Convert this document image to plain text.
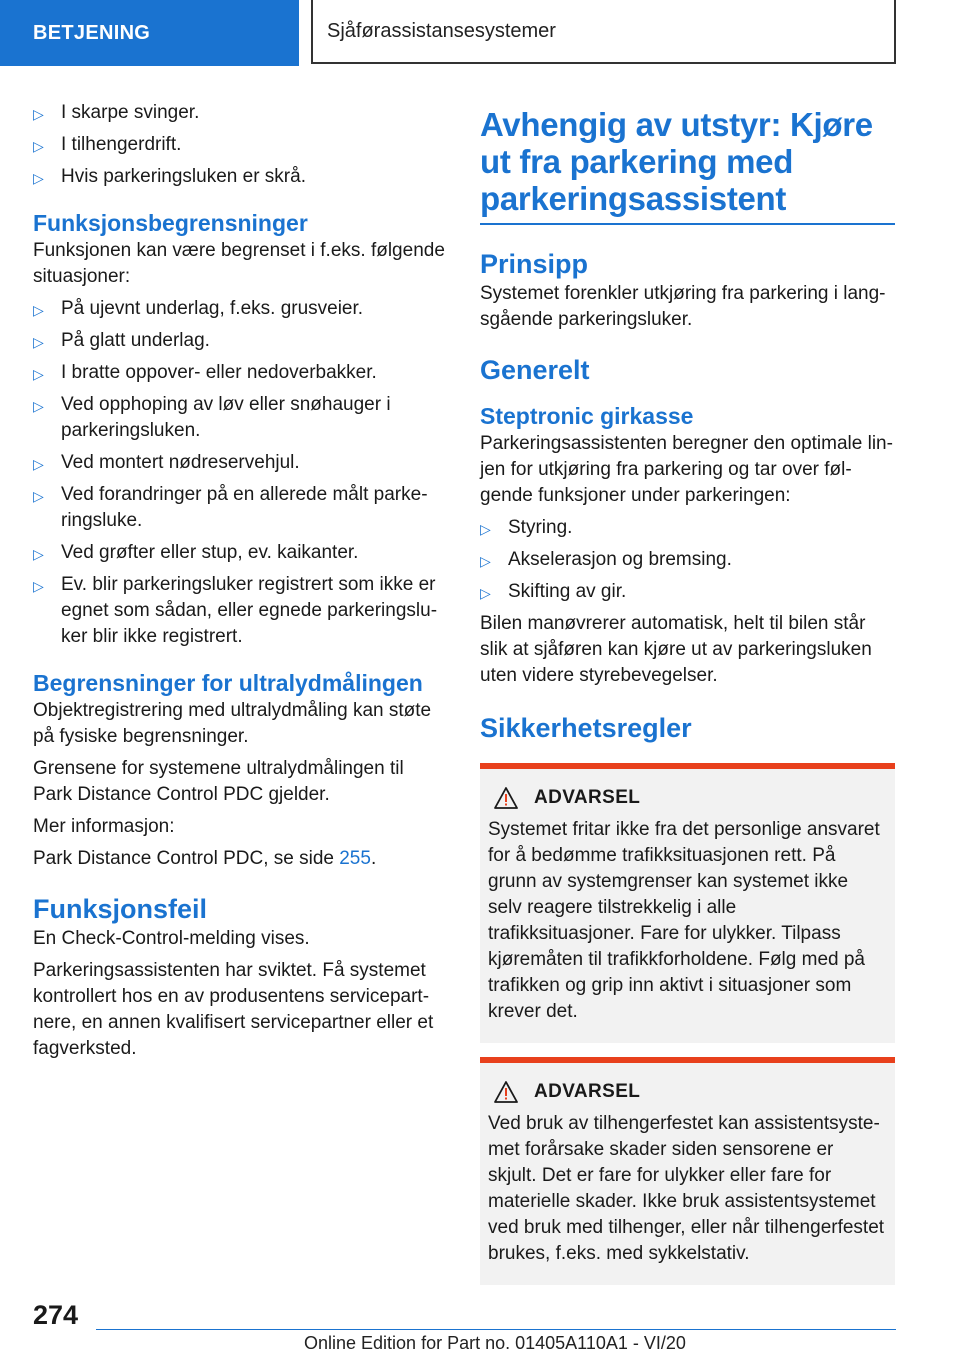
BETJENING	Sjåførassistansesystemer
▷ I skarpe svinger.
▷ I tilhengerdrift.
▷ Hvis parkeringsluken er skrå.
Funksjonsbegrensninger

Funksjonen kan være begrenset i f.eks. følgende situasjoner:

▷ På ujevnt underlag, f.eks. grusveier.
▷ På glatt underlag.
▷ I bratte oppover- eller nedoverbakker.
▷ Ved opphoping av løv eller snøhauger i parkeringsluken.
▷ Ved montert nødreservehjul.
▷ Ved forandringer på en allerede målt parkeringsluke.
▷ Ved grøfter eller stup, ev. kaikanter.
▷ Ev. blir parkeringsluker registrert som ikke er egnet som sådan, eller egnede parkeringsluker blir ikke registrert.
Begrensninger for ultralydmålingen

Objektregistrering med ultralydmåling kan støte på fysiske begrensninger.

Grensene for systemene ultralydmålingen til Park Distance Control PDC gjelder.

Mer informasjon:

Park Distance Control PDC, se side 255.

Funksjonsfeil

En Check-Control-melding vises.

Parkeringsassistenten har sviktet. Få systemet kontrollert hos en av produsentens servicepartnere, en annen kvalifisert servicepartner eller et fagverksted.

Avhengig av utstyr: Kjøre ut fra parkering med parkeringsassistent
Prinsipp

Systemet forenkler utkjøring fra parkering i langsgående parkeringsluker.

Generelt
Steptronic girkasse

Parkeringsassistenten beregner den optimale linjen for utkjøring fra parkering og tar over følgende funksjoner under parkeringen:

▷ Styring.
▷ Akselerasjon og bremsing.
▷ Skifting av gir.

Bilen manøvrerer automatisk, helt til bilen står slik at sjåføren kan kjøre ut av parkeringsluken uten videre styrebevegelser.

Sikkerhetsregler
ADVARSEL

Systemet fritar ikke fra det personlige ansvaret for å bedømme trafikksituasjonen rett. På grunn av systemgrenser kan systemet ikke selv reagere tilstrekkelig i alle trafikksituasjoner. Fare for ulykker. Tilpass kjøremåten til trafikkforholdene. Følg med på trafikken og grip inn aktivt i situasjoner som krever det.

ADVARSEL

Ved bruk av tilhengerfestet kan assistentsystemet forårsake skader siden sensorene er skjult. Det er fare for ulykker eller fare for materielle skader. Ikke bruk assistentsystemet ved bruk med tilhenger, eller når tilhengerfestet brukes, f.eks. med sykkelstativ.

274
Online Edition for Part no. 01405A110A1 - VI/20
